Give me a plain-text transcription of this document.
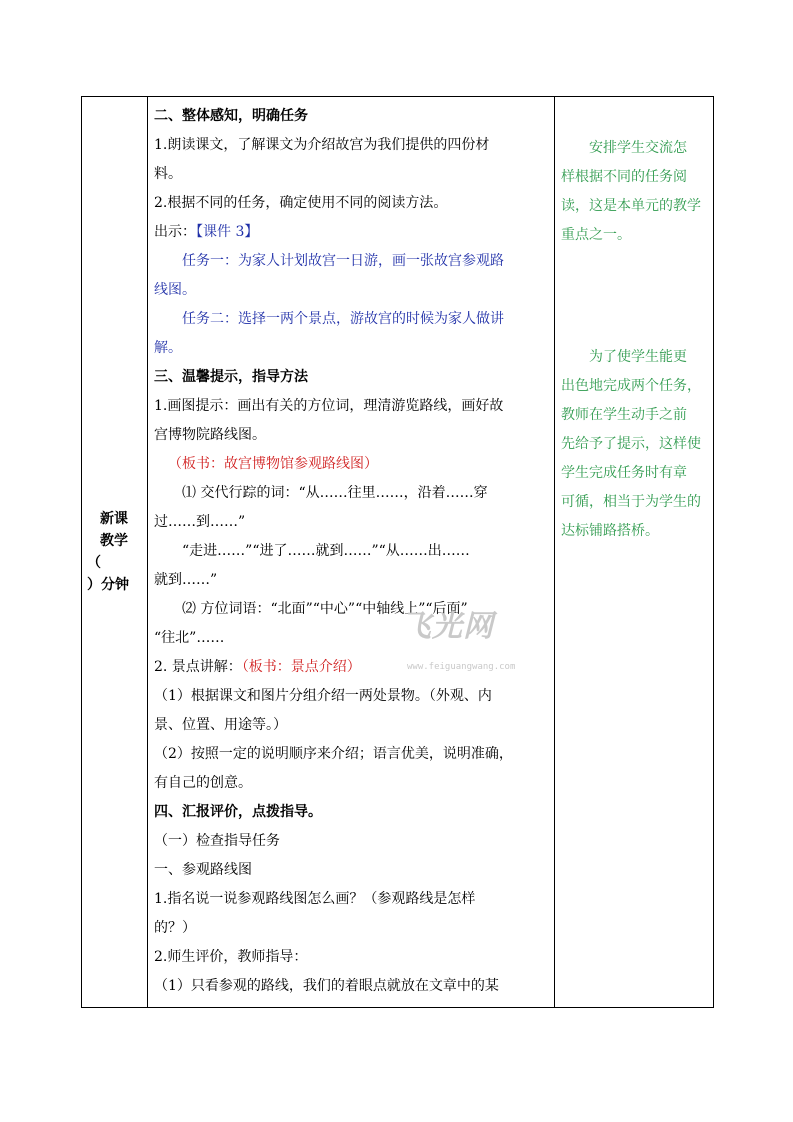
新课
教学
（
）分钟
二、整体感知，明确任务
1.朗读课文，了解课文为介绍故宫为我们提供的四份材
料。
2.根据不同的任务，确定使用不同的阅读方法。
出示：【课件 3】
任务一：为家人计划故宫一日游，画一张故宫参观路
线图。
任务二：选择一两个景点，游故宫的时候为家人做讲
解。
三、温馨提示，指导方法
1.画图提示：画出有关的方位词，理清游览路线，画好故
宫博物院路线图。
（板书：故宫博物馆参观路线图）
⑴ 交代行踪的词：“从……往里……，沿着……穿
过……到……”
“走进……”“进了……就到……”“从……出……
就到……”
⑵ 方位词语：“北面”“中心”“中轴线上”“后面”
“往北”……
2. 景点讲解：（板书：景点介绍）
（1）根据课文和图片分组介绍一两处景物。（外观、内
景、位置、用途等。）
（2）按照一定的说明顺序来介绍；语言优美，说明准确，
有自己的创意。
四、汇报评价，点拨指导。
（一）检查指导任务
一、参观路线图
1.指名说一说参观路线图怎么画？（参观路线是怎样
的？）
2.师生评价，教师指导：
（1）只看参观的路线，我们的着眼点就放在文章中的某
　　安排学生交流怎
样根据不同的任务阅
读，这是本单元的教学
重点之一。
　　为了使学生能更
出色地完成两个任务，
教师在学生动手之前
先给予了提示，这样使
学生完成任务时有章
可循，相当于为学生的
达标铺路搭桥。
飞光网
www.feiguangwang.com
